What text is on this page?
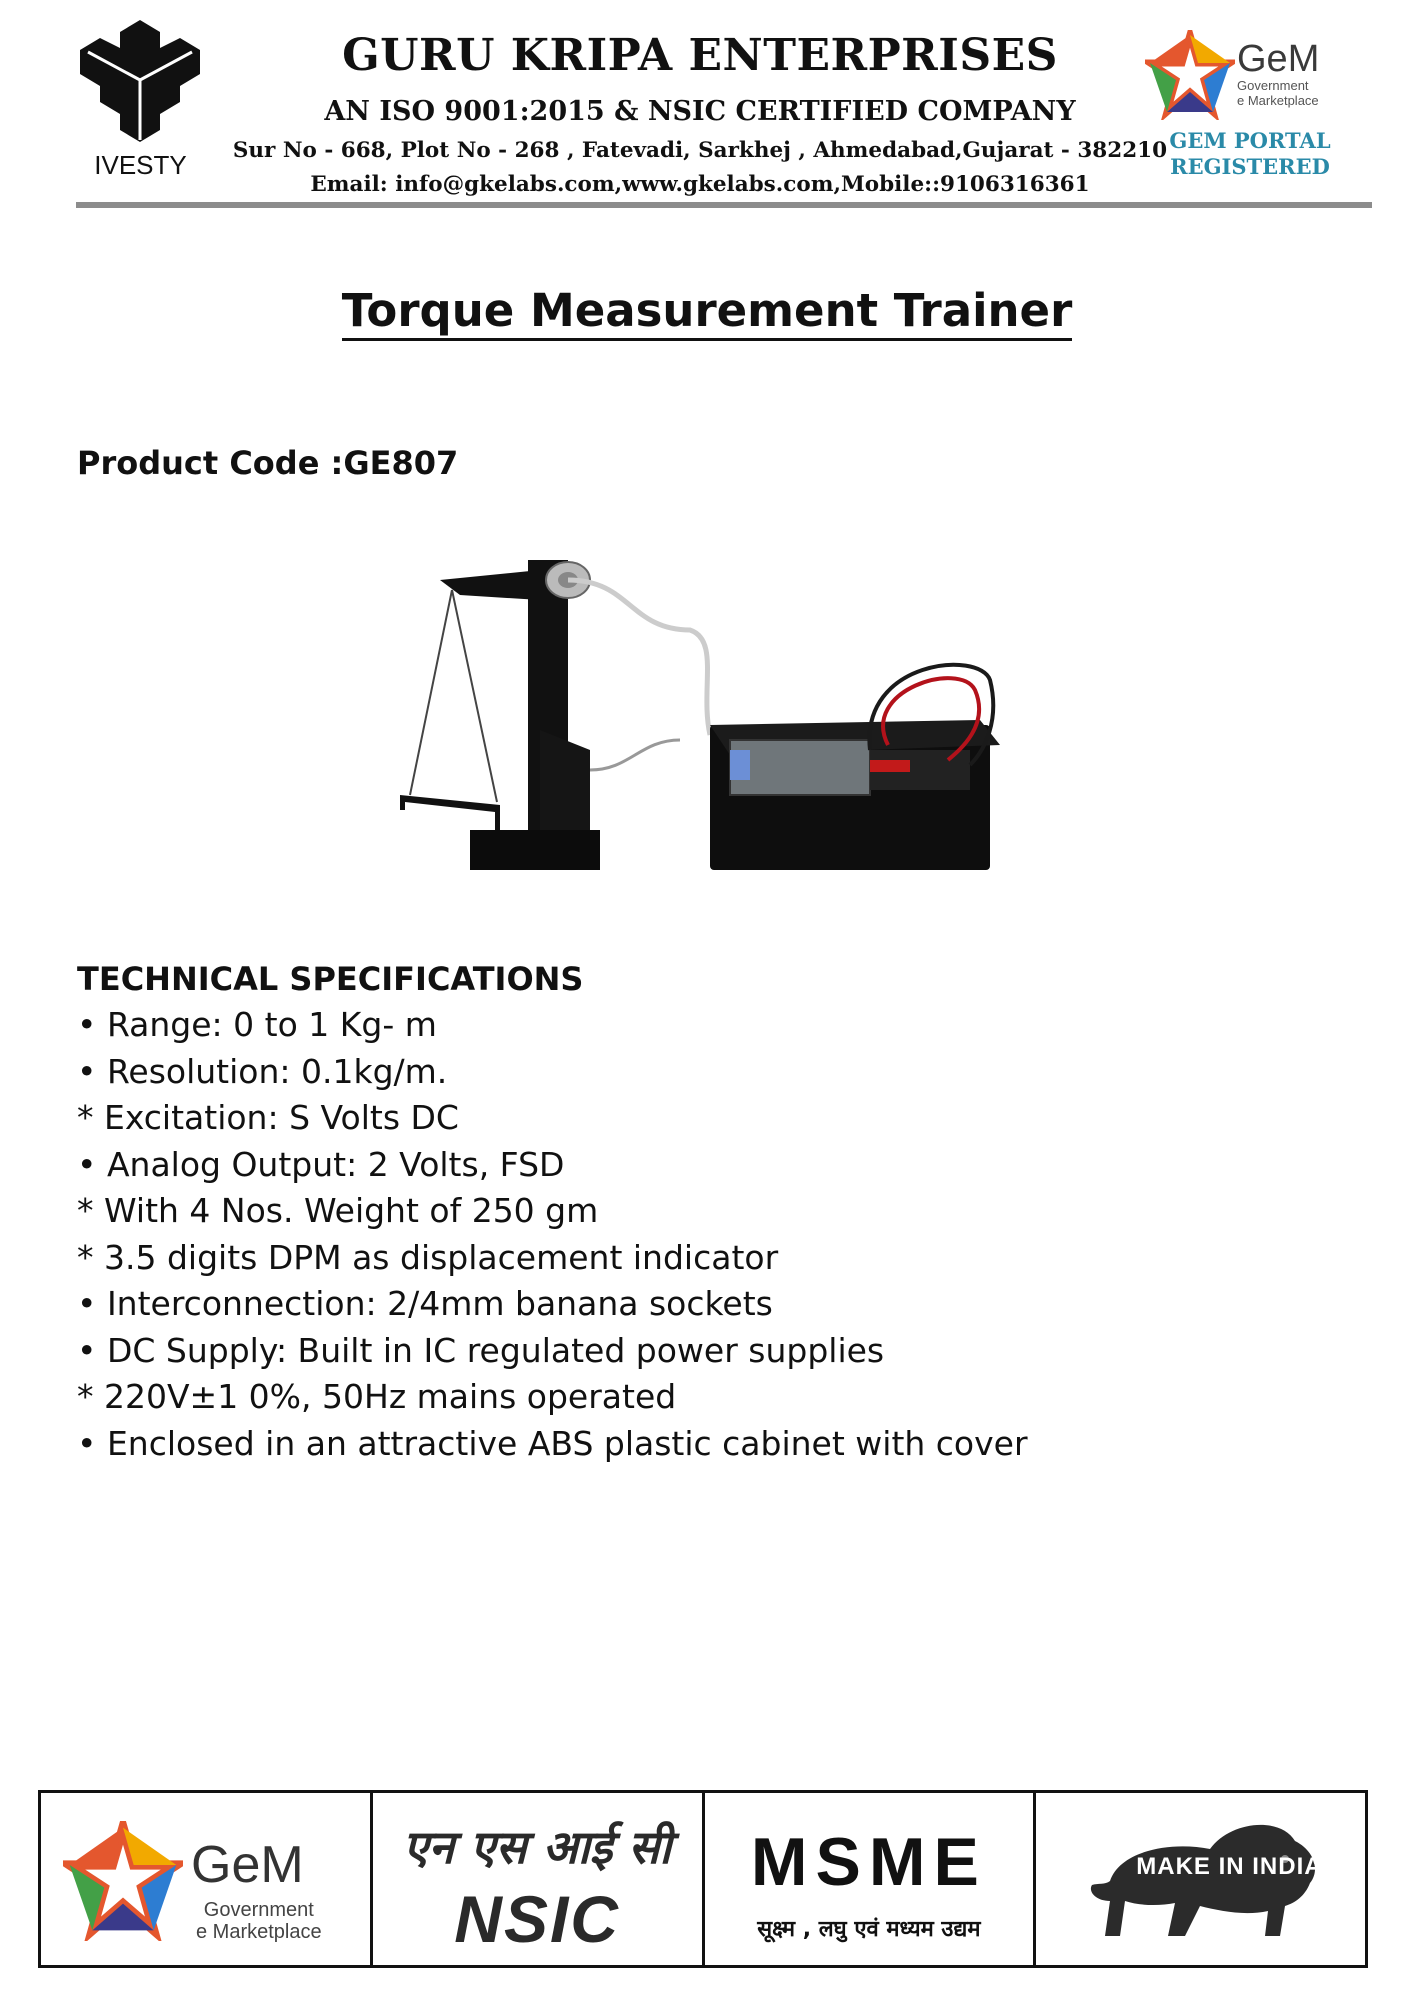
IVESTY
GURU KRIPA ENTERPRISES
AN ISO 9001:2015 & NSIC CERTIFIED COMPANY
Sur No - 668, Plot No - 268 , Fatevadi, Sarkhej , Ahmedabad,Gujarat - 382210
Email: info@gkelabs.com,www.gkelabs.com,Mobile::9106316361
GeM
Government
e Marketplace
GEM PORTAL
REGISTERED
Torque Measurement Trainer
Product Code :GE807
TECHNICAL SPECIFICATIONS
• Range: 0 to 1 Kg- m
• Resolution: 0.1kg/m.
* Excitation: S Volts DC
• Analog Output: 2 Volts, FSD
* With 4 Nos. Weight of 250 gm
* 3.5 digits DPM as displacement indicator
• Interconnection: 2/4mm banana sockets
• DC Supply: Built in IC regulated power supplies
* 220V±1 0%, 50Hz mains operated
• Enclosed in an attractive ABS plastic cabinet with cover
GeM
Government
e Marketplace
एन एस आई सी
NSIC
MSME
सूक्ष्म , लघु एवं मध्यम उद्यम
MAKE IN INDIA
